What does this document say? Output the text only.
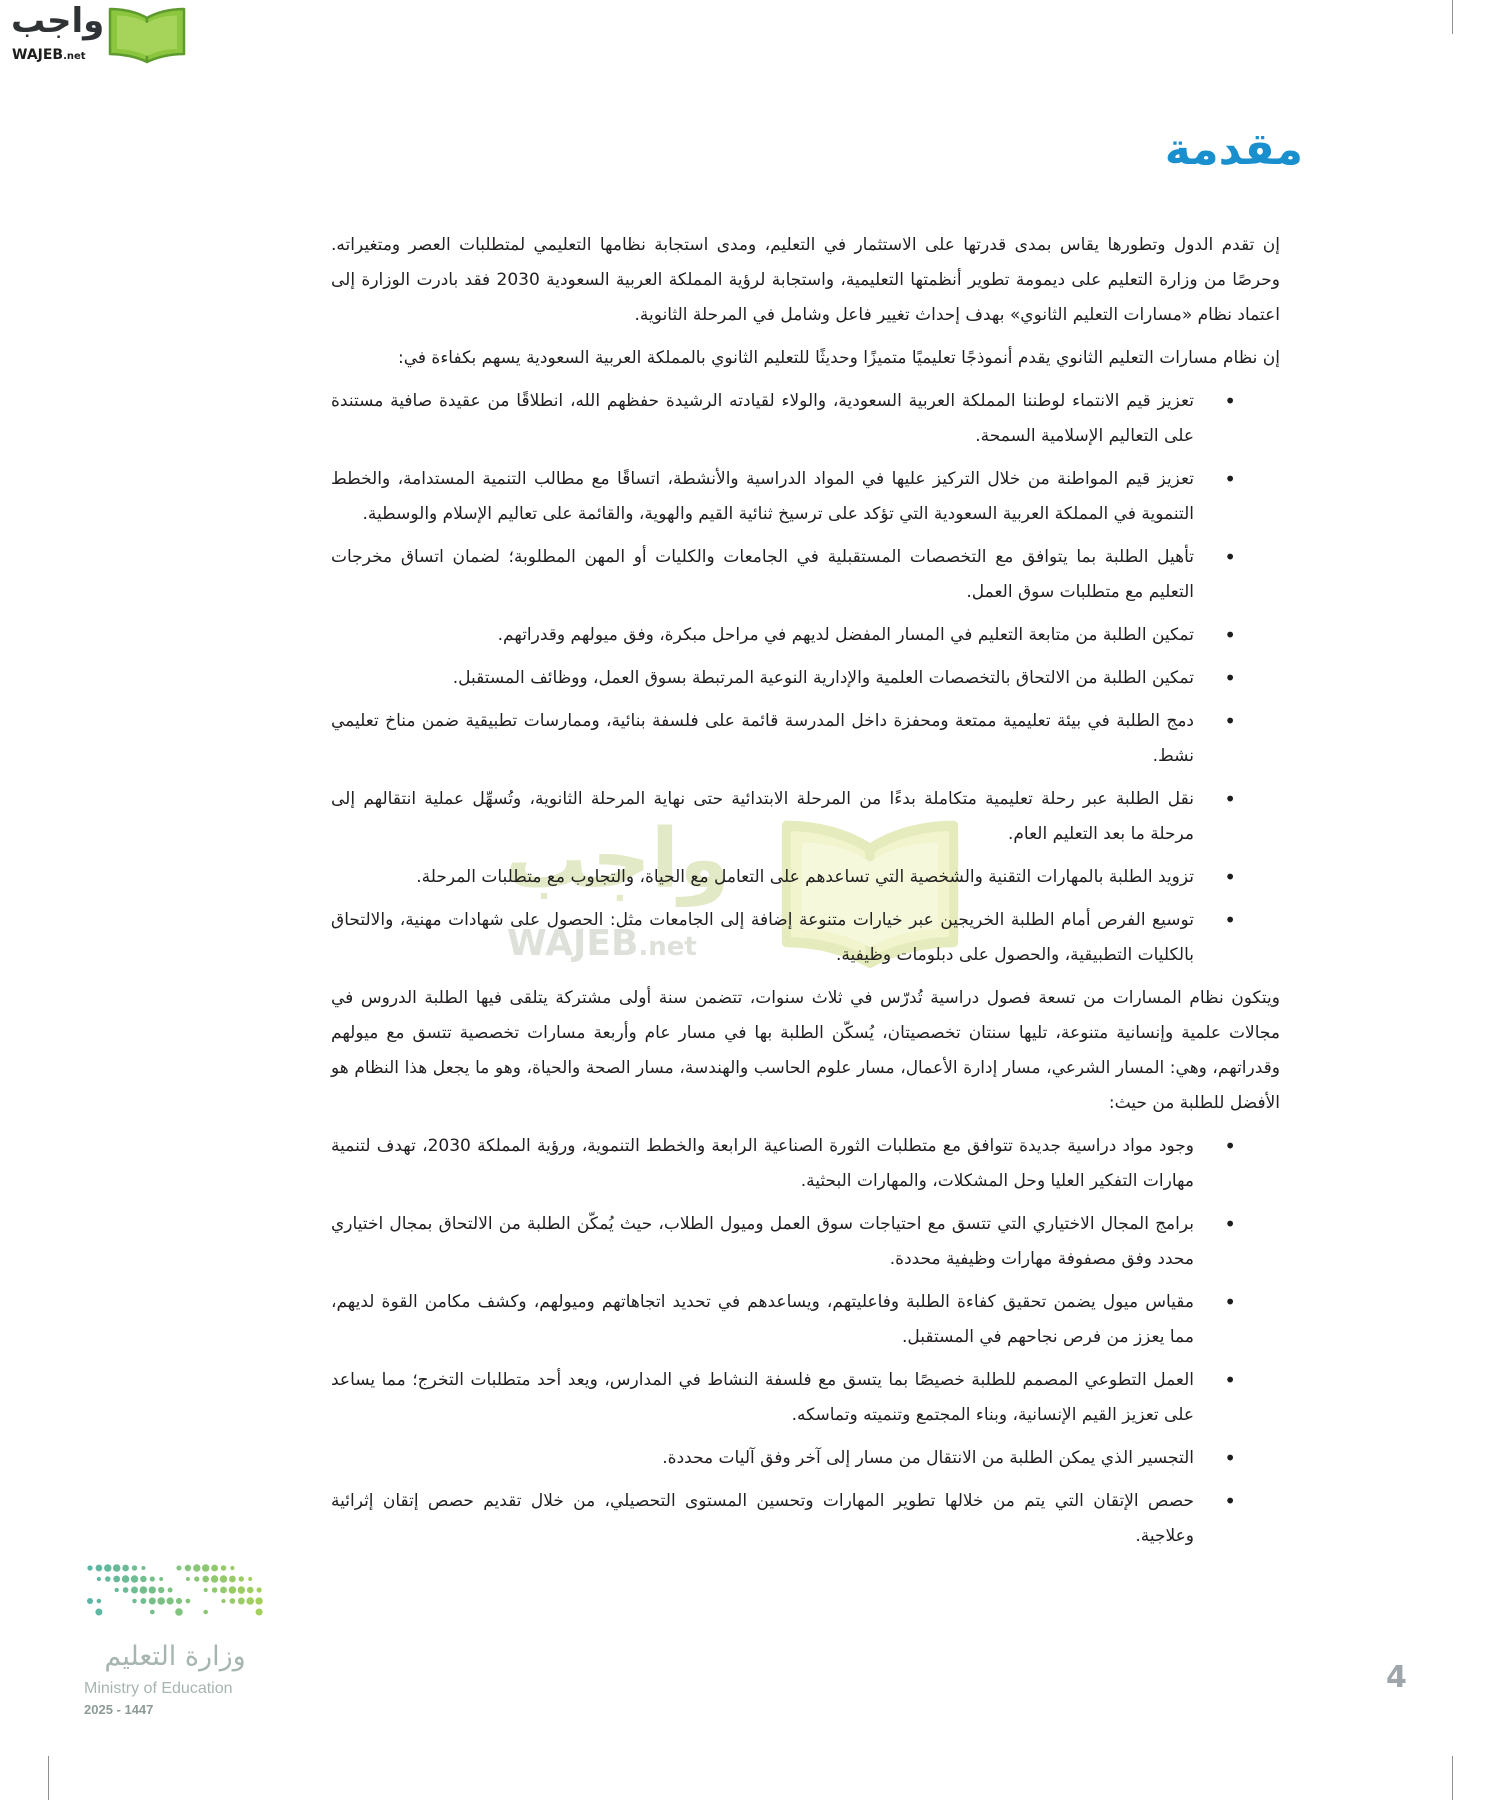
واجب
WAJEB.net
مقدمة
واجب
WAJEB.net

إن تقدم الدول وتطورها يقاس بمدى قدرتها على الاستثمار في التعليم، ومدى استجابة نظامها التعليمي لمتطلبات العصر ومتغيراته. وحرصًا من وزارة التعليم على ديمومة تطوير أنظمتها التعليمية، واستجابة لرؤية المملكة العربية السعودية 2030 فقد بادرت الوزارة إلى اعتماد نظام «مسارات التعليم الثانوي» بهدف إحداث تغيير فاعل وشامل في المرحلة الثانوية.

إن نظام مسارات التعليم الثانوي يقدم أنموذجًا تعليميًا متميزًا وحديثًا للتعليم الثانوي بالمملكة العربية السعودية يسهم بكفاءة في:

• تعزيز قيم الانتماء لوطننا المملكة العربية السعودية، والولاء لقيادته الرشيدة حفظهم الله، انطلاقًا من عقيدة صافية مستندة على التعاليم الإسلامية السمحة.
• تعزيز قيم المواطنة من خلال التركيز عليها في المواد الدراسية والأنشطة، اتساقًا مع مطالب التنمية المستدامة، والخطط التنموية في المملكة العربية السعودية التي تؤكد على ترسيخ ثنائية القيم والهوية، والقائمة على تعاليم الإسلام والوسطية.
• تأهيل الطلبة بما يتوافق مع التخصصات المستقبلية في الجامعات والكليات أو المهن المطلوبة؛ لضمان اتساق مخرجات التعليم مع متطلبات سوق العمل.
• تمكين الطلبة من متابعة التعليم في المسار المفضل لديهم في مراحل مبكرة، وفق ميولهم وقدراتهم.
• تمكين الطلبة من الالتحاق بالتخصصات العلمية والإدارية النوعية المرتبطة بسوق العمل، ووظائف المستقبل.
• دمج الطلبة في بيئة تعليمية ممتعة ومحفزة داخل المدرسة قائمة على فلسفة بنائية، وممارسات تطبيقية ضمن مناخ تعليمي نشط.
• نقل الطلبة عبر رحلة تعليمية متكاملة بدءًا من المرحلة الابتدائية حتى نهاية المرحلة الثانوية، وتُسهِّل عملية انتقالهم إلى مرحلة ما بعد التعليم العام.
• تزويد الطلبة بالمهارات التقنية والشخصية التي تساعدهم على التعامل مع الحياة، والتجاوب مع متطلبات المرحلة.
• توسيع الفرص أمام الطلبة الخريجين عبر خيارات متنوعة إضافة إلى الجامعات مثل: الحصول على شهادات مهنية، والالتحاق بالكليات التطبيقية، والحصول على دبلومات وظيفية.

ويتكون نظام المسارات من تسعة فصول دراسية تُدرّس في ثلاث سنوات، تتضمن سنة أولى مشتركة يتلقى فيها الطلبة الدروس في مجالات علمية وإنسانية متنوعة، تليها سنتان تخصصيتان، يُسكّن الطلبة بها في مسار عام وأربعة مسارات تخصصية تتسق مع ميولهم وقدراتهم، وهي: المسار الشرعي، مسار إدارة الأعمال، مسار علوم الحاسب والهندسة، مسار الصحة والحياة، وهو ما يجعل هذا النظام هو الأفضل للطلبة من حيث:

• وجود مواد دراسية جديدة تتوافق مع متطلبات الثورة الصناعية الرابعة والخطط التنموية، ورؤية المملكة 2030، تهدف لتنمية مهارات التفكير العليا وحل المشكلات، والمهارات البحثية.
• برامج المجال الاختياري التي تتسق مع احتياجات سوق العمل وميول الطلاب، حيث يُمكّن الطلبة من الالتحاق بمجال اختياري محدد وفق مصفوفة مهارات وظيفية محددة.
• مقياس ميول يضمن تحقيق كفاءة الطلبة وفاعليتهم، ويساعدهم في تحديد اتجاهاتهم وميولهم، وكشف مكامن القوة لديهم، مما يعزز من فرص نجاحهم في المستقبل.
• العمل التطوعي المصمم للطلبة خصيصًا بما يتسق مع فلسفة النشاط في المدارس، ويعد أحد متطلبات التخرج؛ مما يساعد على تعزيز القيم الإنسانية، وبناء المجتمع وتنميته وتماسكه.
• التجسير الذي يمكن الطلبة من الانتقال من مسار إلى آخر وفق آليات محددة.
• حصص الإتقان التي يتم من خلالها تطوير المهارات وتحسين المستوى التحصيلي، من خلال تقديم حصص إتقان إثرائية وعلاجية.
4
وزارة التعليم
Ministry of Education
2025 - 1447
